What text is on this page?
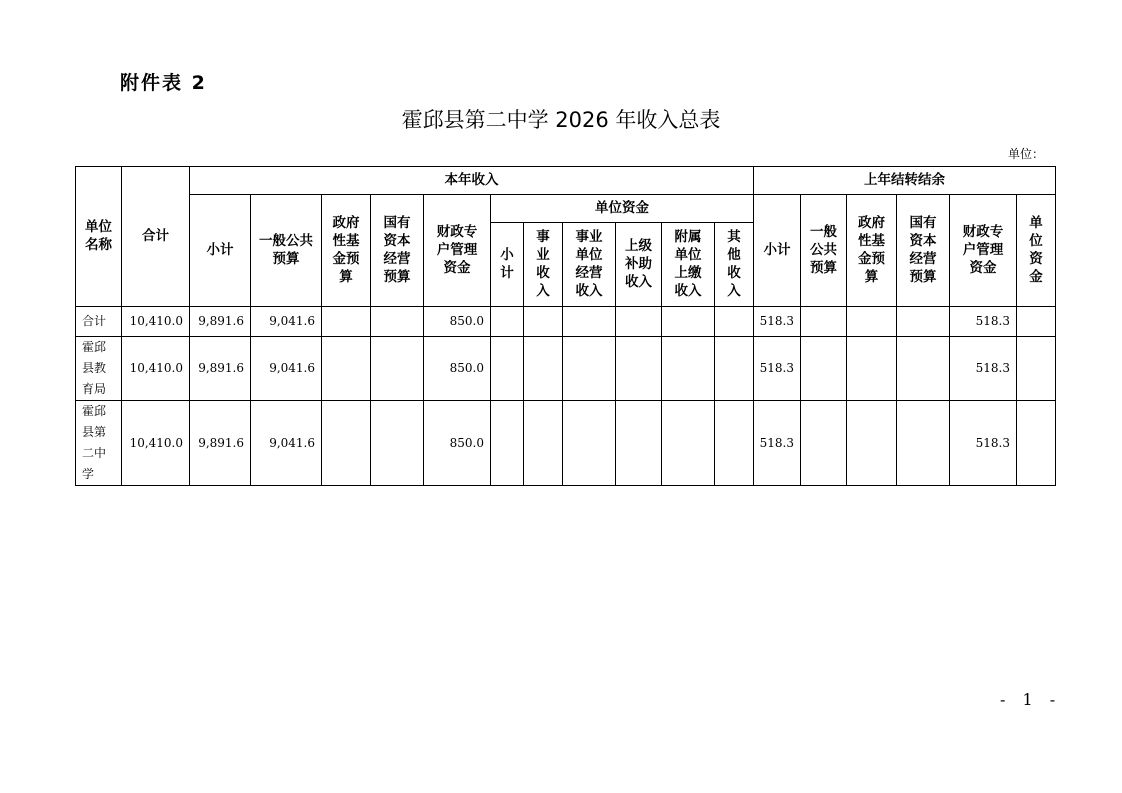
附件表 2
霍邱县第二中学 2026 年收入总表
单位：
单位名称	合计	本年收入											上年结转结余					
		小计	一般公共预算	政府性基金预算	国有资本经营预算	财政专户管理资金	单位资金						小计	一般公共预算	政府性基金预算	国有资本经营预算	财政专户管理资金	单位资金
							小计	事业收入	事业单位经营收入	上级补助收入	附属单位上缴收入	其他收入						
合计	10,410.0	9,891.6	9,041.6			850.0							518.3				518.3	
霍邱县教育局	10,410.0	9,891.6	9,041.6			850.0							518.3				518.3	
霍邱县第二中学	10,410.0	9,891.6	9,041.6			850.0							518.3				518.3	
- 1 -
